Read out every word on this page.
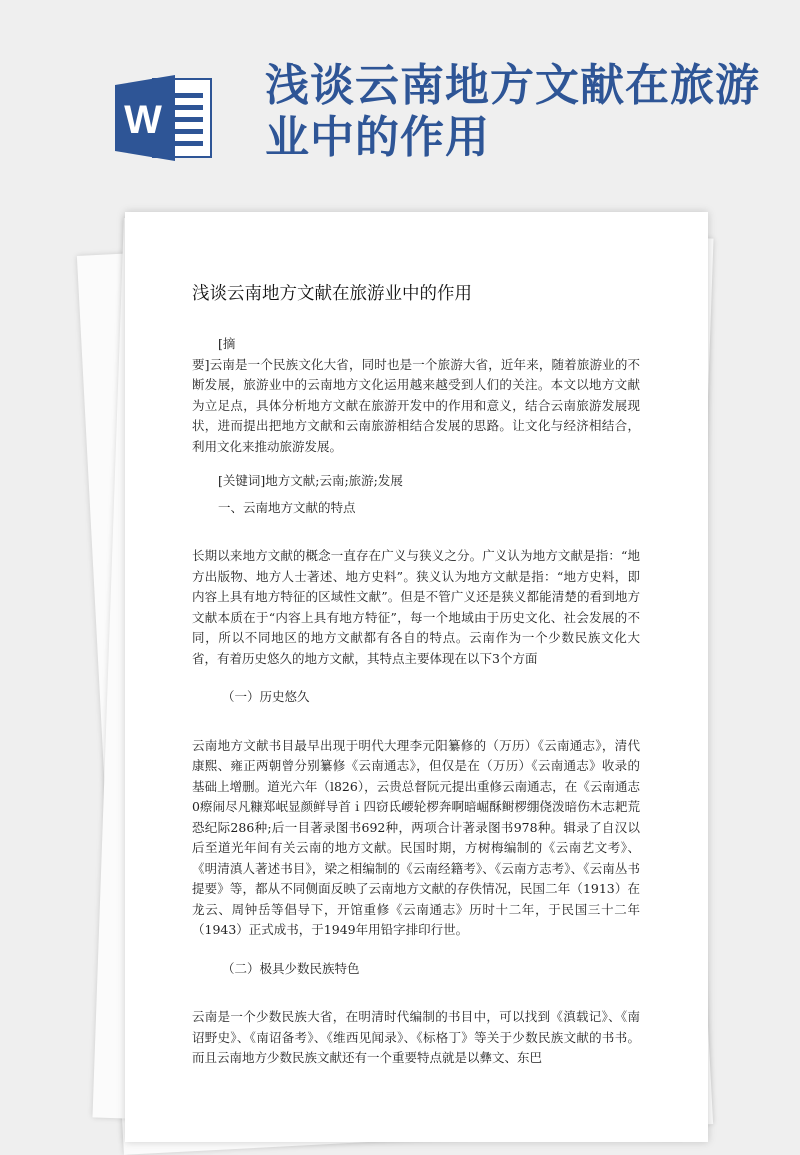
W
浅谈云南地方文献在旅游业中的作用
浅谈云南地方文献在旅游业中的作用

[摘

要]云南是一个民族文化大省，同时也是一个旅游大省，近年来，随着旅游业的不断发展，旅游业中的云南地方文化运用越来越受到人们的关注。本文以地方文献为立足点，具体分析地方文献在旅游开发中的作用和意义，结合云南旅游发展现状，进而提出把地方文献和云南旅游相结合发展的思路。让文化与经济相结合，利用文化来推动旅游发展。

[关键词]地方文献;云南;旅游;发展

一、云南地方文献的特点

长期以来地方文献的概念一直存在广义与狭义之分。广义认为地方文献是指：“地方出版物、地方人士著述、地方史料”。狭义认为地方文献是指：“地方史料，即内容上具有地方特征的区域性文献”。但是不管广义还是狭义都能清楚的看到地方文献本质在于“内容上具有地方特征”，每一个地域由于历史文化、社会发展的不同，所以不同地区的地方文献都有各自的特点。云南作为一个少数民族文化大省，有着历史悠久的地方文献，其特点主要体现在以下3个方面

（一）历史悠久

云南地方文献书目最早出现于明代大理李元阳纂修的（万历）《云南通志》，清代康熙、雍正两朝曾分别纂修《云南通志》，但仅是在（万历）《云南通志》收录的基础上增删。道光六年（l826），云贵总督阮元提出重修云南通志，在《云南通志0瘵闹尽凡糠郑岷显颜鲜导首ｉ四窃氐崾轮椤奔啊暗崛酥鲥椤绷侥泼暗伤木志耙荒恐纪际286种;后一目著录图书692种，两项合计著录图书978种。辑录了自汉以后至道光年间有关云南的地方文献。民国时期，方树梅编制的《云南艺文考》、《明清滇人著述书目》，梁之相编制的《云南经籍考》、《云南方志考》、《云南丛书提要》等，都从不同侧面反映了云南地方文献的存佚情况，民国二年（1913）在龙云、周钟岳等倡导下，开馆重修《云南通志》历时十二年，于民国三十二年（1943）正式成书，于1949年用铅字排印行世。

（二）极具少数民族特色

云南是一个少数民族大省，在明清时代编制的书目中，可以找到《滇载记》、《南诏野史》、《南诏备考》、《维西见闻录》、《标格丁》等关于少数民族文献的书书。而且云南地方少数民族文献还有一个重要特点就是以彝文、东巴
